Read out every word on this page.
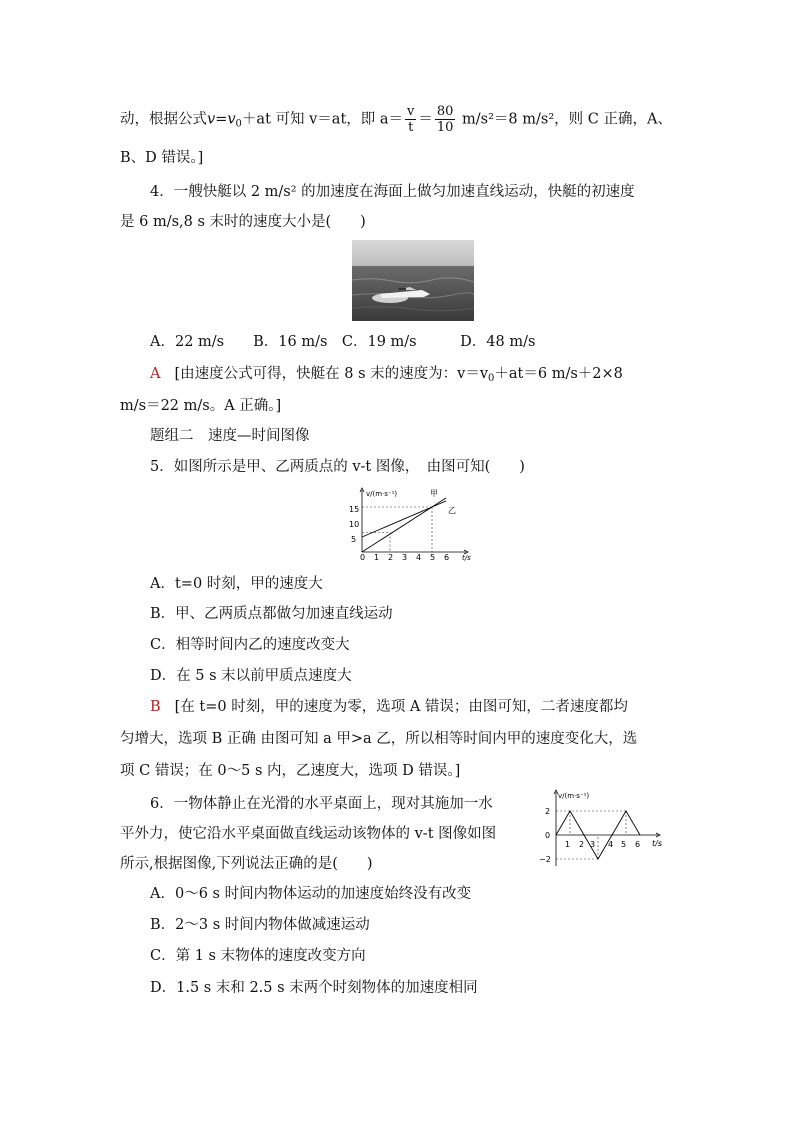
动，根据公式$v=v_0+at$ 可知 v＝at，即 $a= \frac{v}{t} = \frac{80}{10} m/s^2=8$ m/s²，则 C 正确，A、
B、D 错误。]
4．一艘快艇以 2 m/s² 的加速度在海面上做匀加速直线运动，快艇的初速度
是 6 m/s,8 s 末时的速度大小是(　　)
A．22 m/s　　B．16 m/s　C．19 m/s　　　D．48 m/s
A [由速度公式可得，快艇在 8 s 末的速度为：$v=v_0+at=6$ m/s＋2×8
m/s＝22 m/s。A 正确。]
题组二　速度—时间图像
5．如图所示是甲、乙两质点的 v-t 图像，　由图可知(　　)
v/(m·s⁻¹)
t/s
5
10
15
0 1 2 3 4 5 6
甲
乙
A．t=0 时刻，甲的速度大
B．甲、乙两质点都做匀加速直线运动
C．相等时间内乙的速度改变大
D．在 5 s 末以前甲质点速度大
B [在 t=0 时刻，甲的速度为零，选项 A 错误；由图可知，二者速度都均
匀增大，选项 B 正确 由图可知 a 甲>a 乙，所以相等时间内甲的速度变化大，选
项 C 错误；在 0～5 s 内，乙速度大，选项 D 错误。]
6．一物体静止在光滑的水平桌面上，现对其施加一水
平外力，使它沿水平桌面做直线运动该物体的 v-t 图像如图
所示,根据图像,下列说法正确的是(　　)
v/(m·s⁻¹)
t/s
2
0
−2
1 2 3 4 5 6
A．0～6 s 时间内物体运动的加速度始终没有改变
B．2～3 s 时间内物体做减速运动
C．第 1 s 末物体的速度改变方向
D．1.5 s 末和 2.5 s 末两个时刻物体的加速度相同
